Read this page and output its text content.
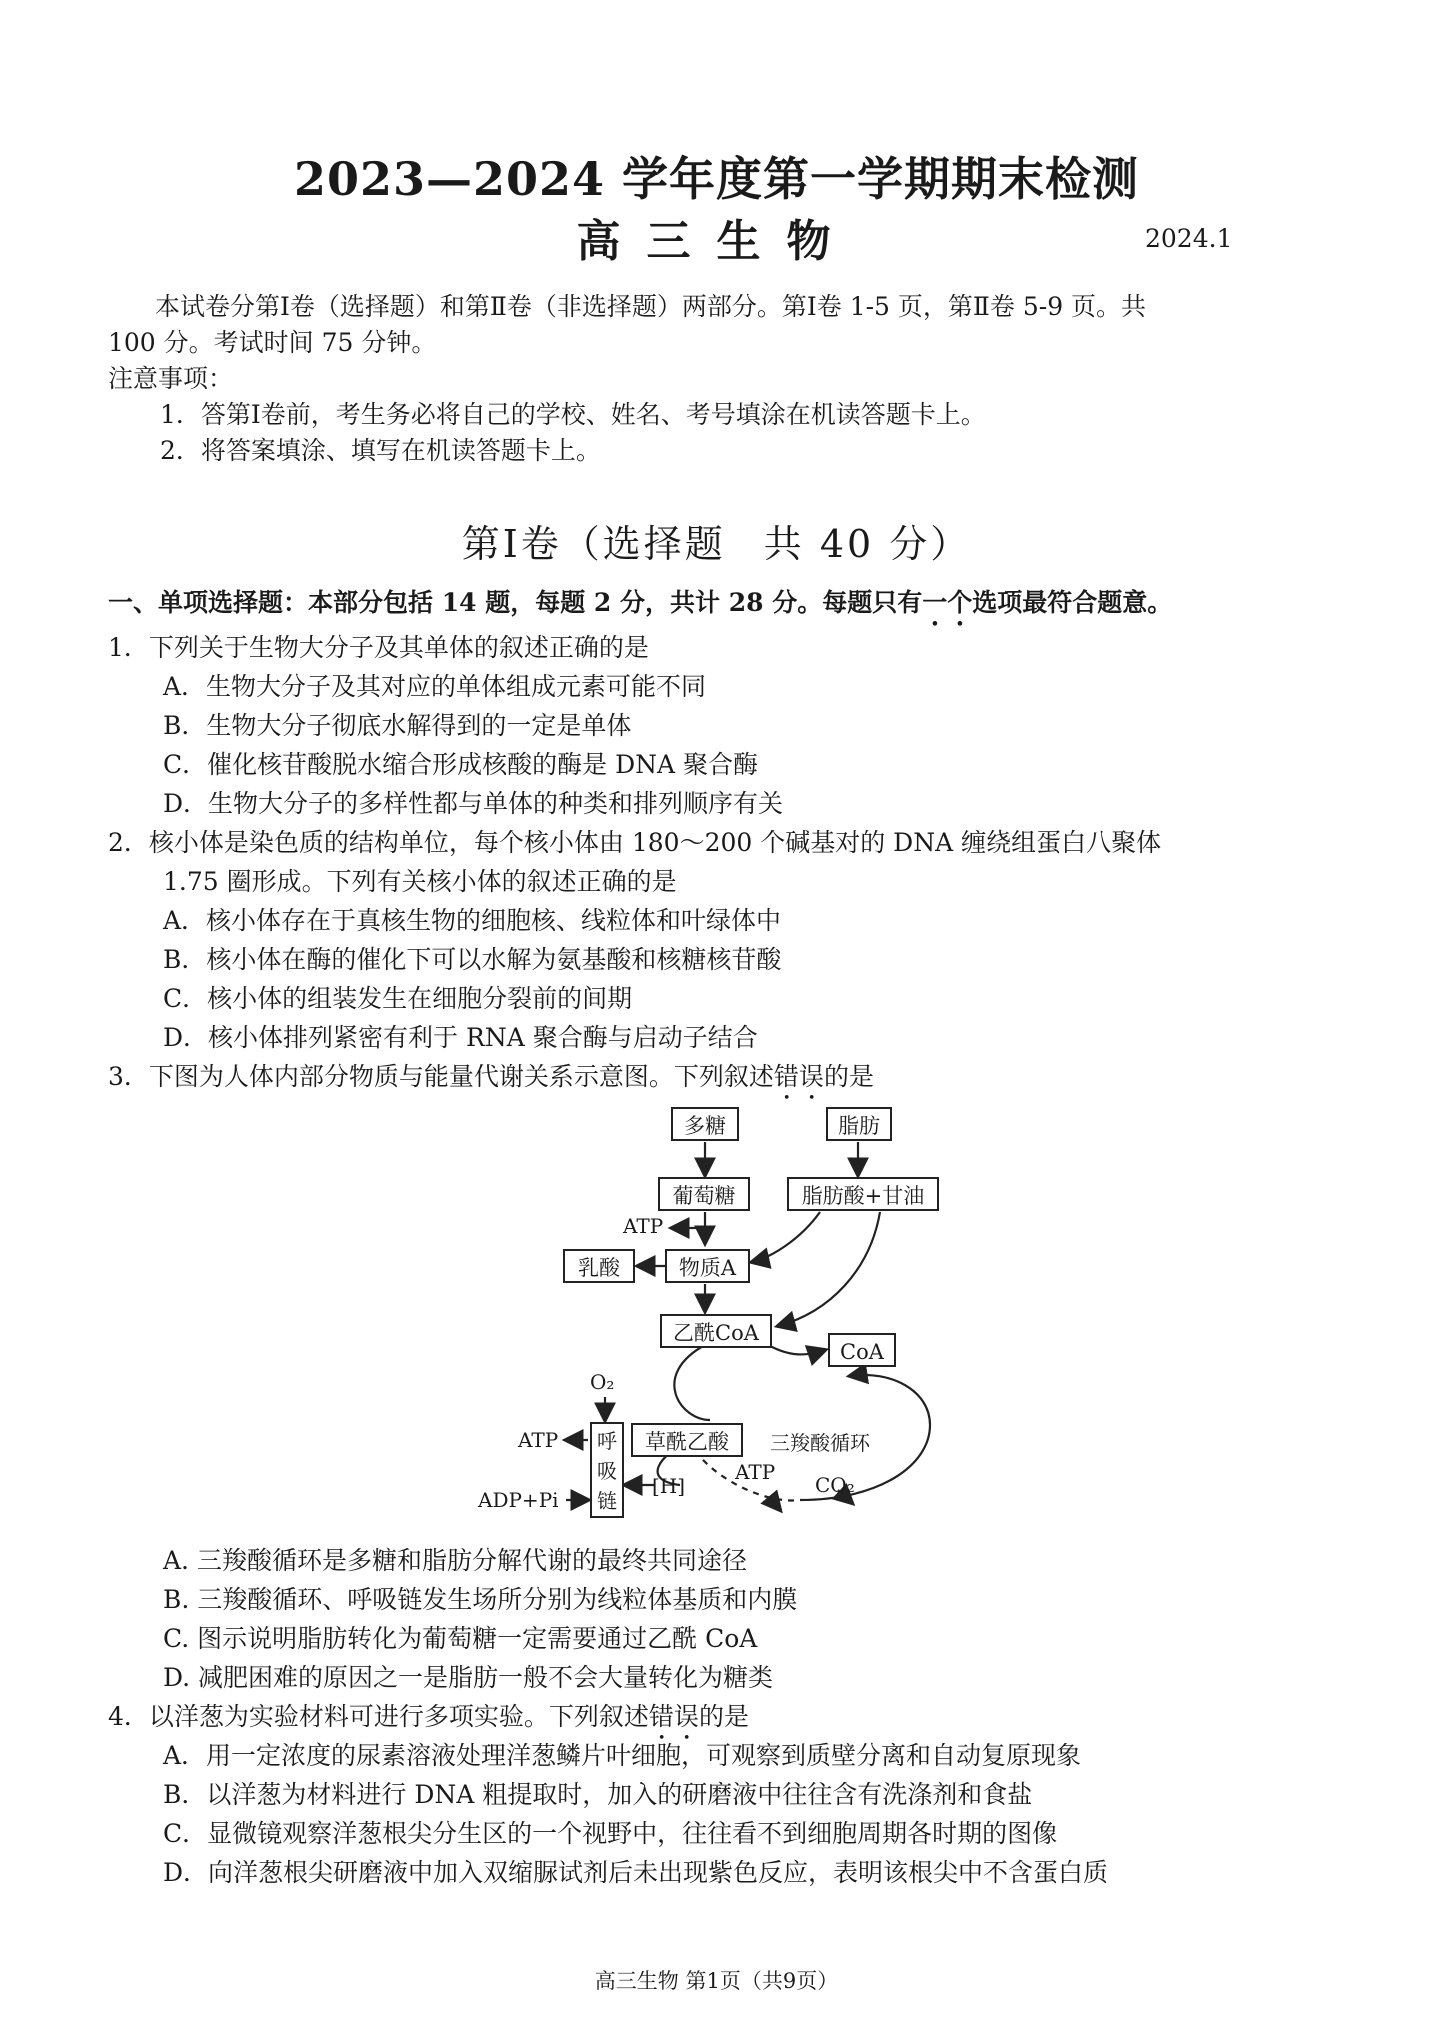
2023—2024 学年度第一学期期末检测
高三生物	2024.1
本试卷分第Ⅰ卷（选择题）和第Ⅱ卷（非选择题）两部分。第Ⅰ卷 1-5 页，第Ⅱ卷 5-9 页。共
100 分。考试时间 75 分钟。
注意事项：
1．答第Ⅰ卷前，考生务必将自己的学校、姓名、考号填涂在机读答题卡上。
2．将答案填涂、填写在机读答题卡上。
第Ⅰ卷（选择题 共 40 分）
一、单项选择题：本部分包括 14 题，每题 2 分，共计 28 分。每题只有一个选项最符合题意。
1．下列关于生物大分子及其单体的叙述正确的是
A．生物大分子及其对应的单体组成元素可能不同
B．生物大分子彻底水解得到的一定是单体
C．催化核苷酸脱水缩合形成核酸的酶是 DNA 聚合酶
D．生物大分子的多样性都与单体的种类和排列顺序有关
2．核小体是染色质的结构单位，每个核小体由 180～200 个碱基对的 DNA 缠绕组蛋白八聚体
1.75 圈形成。下列有关核小体的叙述正确的是
A．核小体存在于真核生物的细胞核、线粒体和叶绿体中
B．核小体在酶的催化下可以水解为氨基酸和核糖核苷酸
C．核小体的组装发生在细胞分裂前的间期
D．核小体排列紧密有利于 RNA 聚合酶与启动子结合
3．下图为人体内部分物质与能量代谢关系示意图。下列叙述错误的是
多糖	脂肪
葡萄糖	脂肪酸+甘油
ATP
乳酸	物质A
乙酰CoA
CoA
O₂
ATP	呼吸链
草酰乙酸	三羧酸循环
ATP
CO₂
ADP+Pi
[H]
A. 三羧酸循环是多糖和脂肪分解代谢的最终共同途径
B. 三羧酸循环、呼吸链发生场所分别为线粒体基质和内膜
C. 图示说明脂肪转化为葡萄糖一定需要通过乙酰 CoA
D. 减肥困难的原因之一是脂肪一般不会大量转化为糖类
4．以洋葱为实验材料可进行多项实验。下列叙述错误的是
A．用一定浓度的尿素溶液处理洋葱鳞片叶细胞，可观察到质壁分离和自动复原现象
B．以洋葱为材料进行 DNA 粗提取时，加入的研磨液中往往含有洗涤剂和食盐
C．显微镜观察洋葱根尖分生区的一个视野中，往往看不到细胞周期各时期的图像
D．向洋葱根尖研磨液中加入双缩脲试剂后未出现紫色反应，表明该根尖中不含蛋白质
高三生物 第1页（共9页）
